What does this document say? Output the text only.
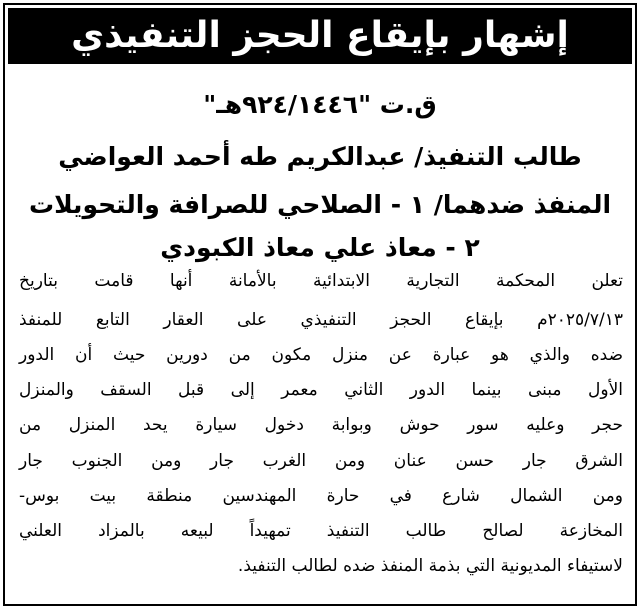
إشهار بإيقاع الحجز التنفيذي
ق.ت "٩٢٤/١٤٤٦هـ"
طالب التنفيذ/ عبدالكريم طه أحمد العواضي
المنفذ ضدهما/ ١ - الصلاحي للصرافة والتحويلات
٢ - معاذ علي معاذ الكبودي
تعلن المحكمة التجارية الابتدائية بالأمانة أنها قامت بتاريخ
٢٠٢٥/٧/١٣م بإيقاع الحجز التنفيذي على العقار التابع للمنفذ
ضده والذي هو عبارة عن منزل مكون من دورين حيث أن الدور
الأول مبنى بينما الدور الثاني معمر إلى قبل السقف والمنزل
حجر وعليه سور حوش وبوابة دخول سيارة يحد المنزل من
الشرق جار حسن عنان ومن الغرب جار ومن الجنوب جار
ومن الشمال شارع في حارة المهندسين منطقة بيت بوس-
المخازعة لصالح طالب التنفيذ تمهيداً لبيعه بالمزاد العلني
لاستيفاء المديونية التي بذمة المنفذ ضده لطالب التنفيذ.
